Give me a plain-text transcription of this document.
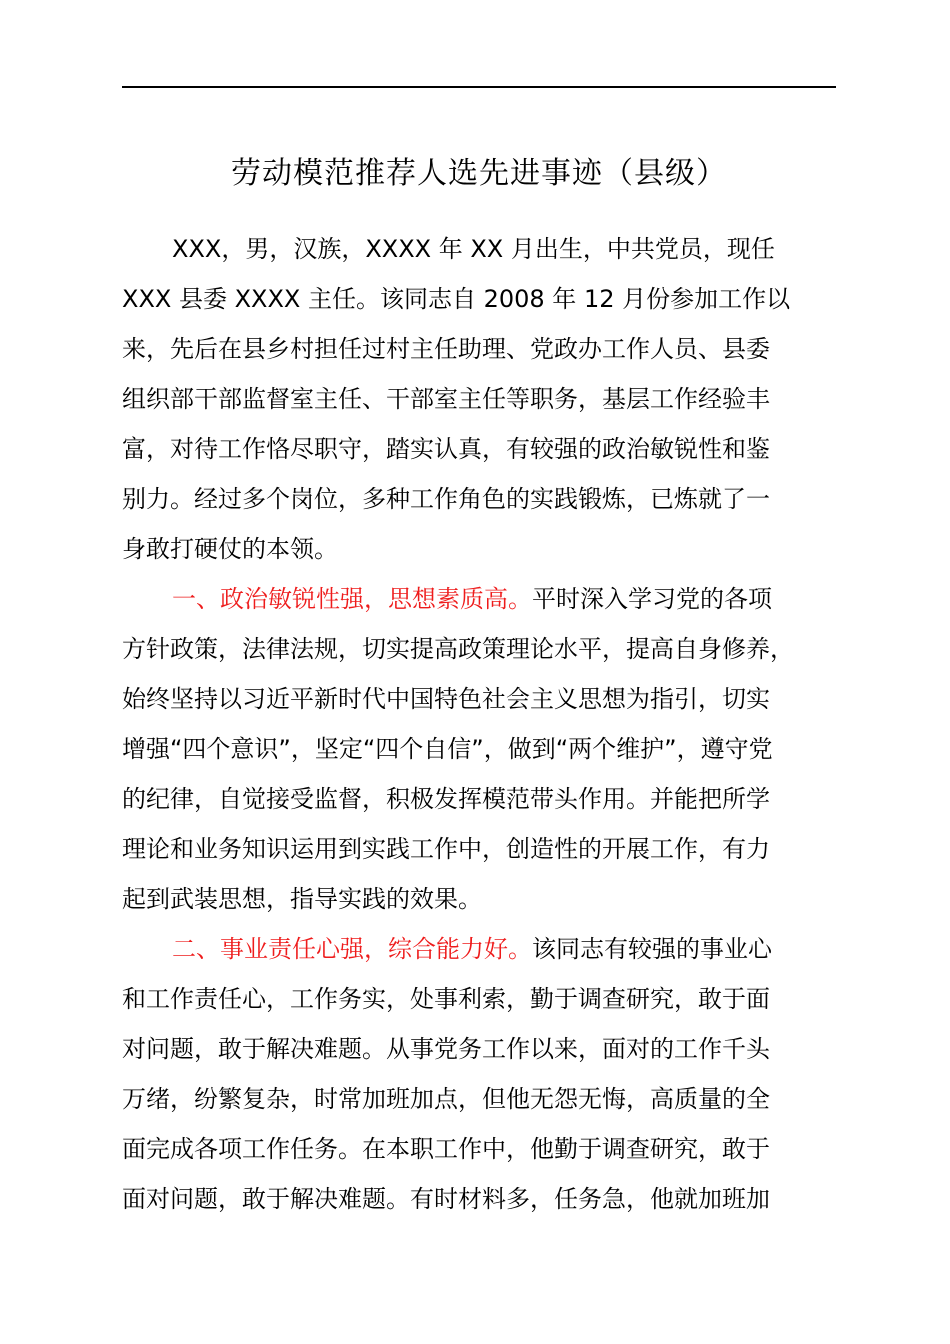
劳动模范推荐人选先进事迹（县级）
XXX，男，汉族，XXXX 年 XX 月出生，中共党员，现任
XXX 县委 XXXX 主任。该同志自 2008 年 12 月份参加工作以
来，先后在县乡村担任过村主任助理、党政办工作人员、县委
组织部干部监督室主任、干部室主任等职务，基层工作经验丰
富，对待工作恪尽职守，踏实认真，有较强的政治敏锐性和鉴
别力。经过多个岗位，多种工作角色的实践锻炼，已炼就了一
身敢打硬仗的本领。
一、政治敏锐性强，思想素质高。平时深入学习党的各项
方针政策，法律法规，切实提高政策理论水平，提高自身修养，
始终坚持以习近平新时代中国特色社会主义思想为指引，切实
增强“四个意识”，坚定“四个自信”，做到“两个维护”，遵守党
的纪律，自觉接受监督，积极发挥模范带头作用。并能把所学
理论和业务知识运用到实践工作中，创造性的开展工作，有力
起到武装思想，指导实践的效果。
二、事业责任心强，综合能力好。该同志有较强的事业心
和工作责任心，工作务实，处事利索，勤于调查研究，敢于面
对问题，敢于解决难题。从事党务工作以来，面对的工作千头
万绪，纷繁复杂，时常加班加点，但他无怨无悔，高质量的全
面完成各项工作任务。在本职工作中，他勤于调查研究，敢于
面对问题，敢于解决难题。有时材料多，任务急，他就加班加
